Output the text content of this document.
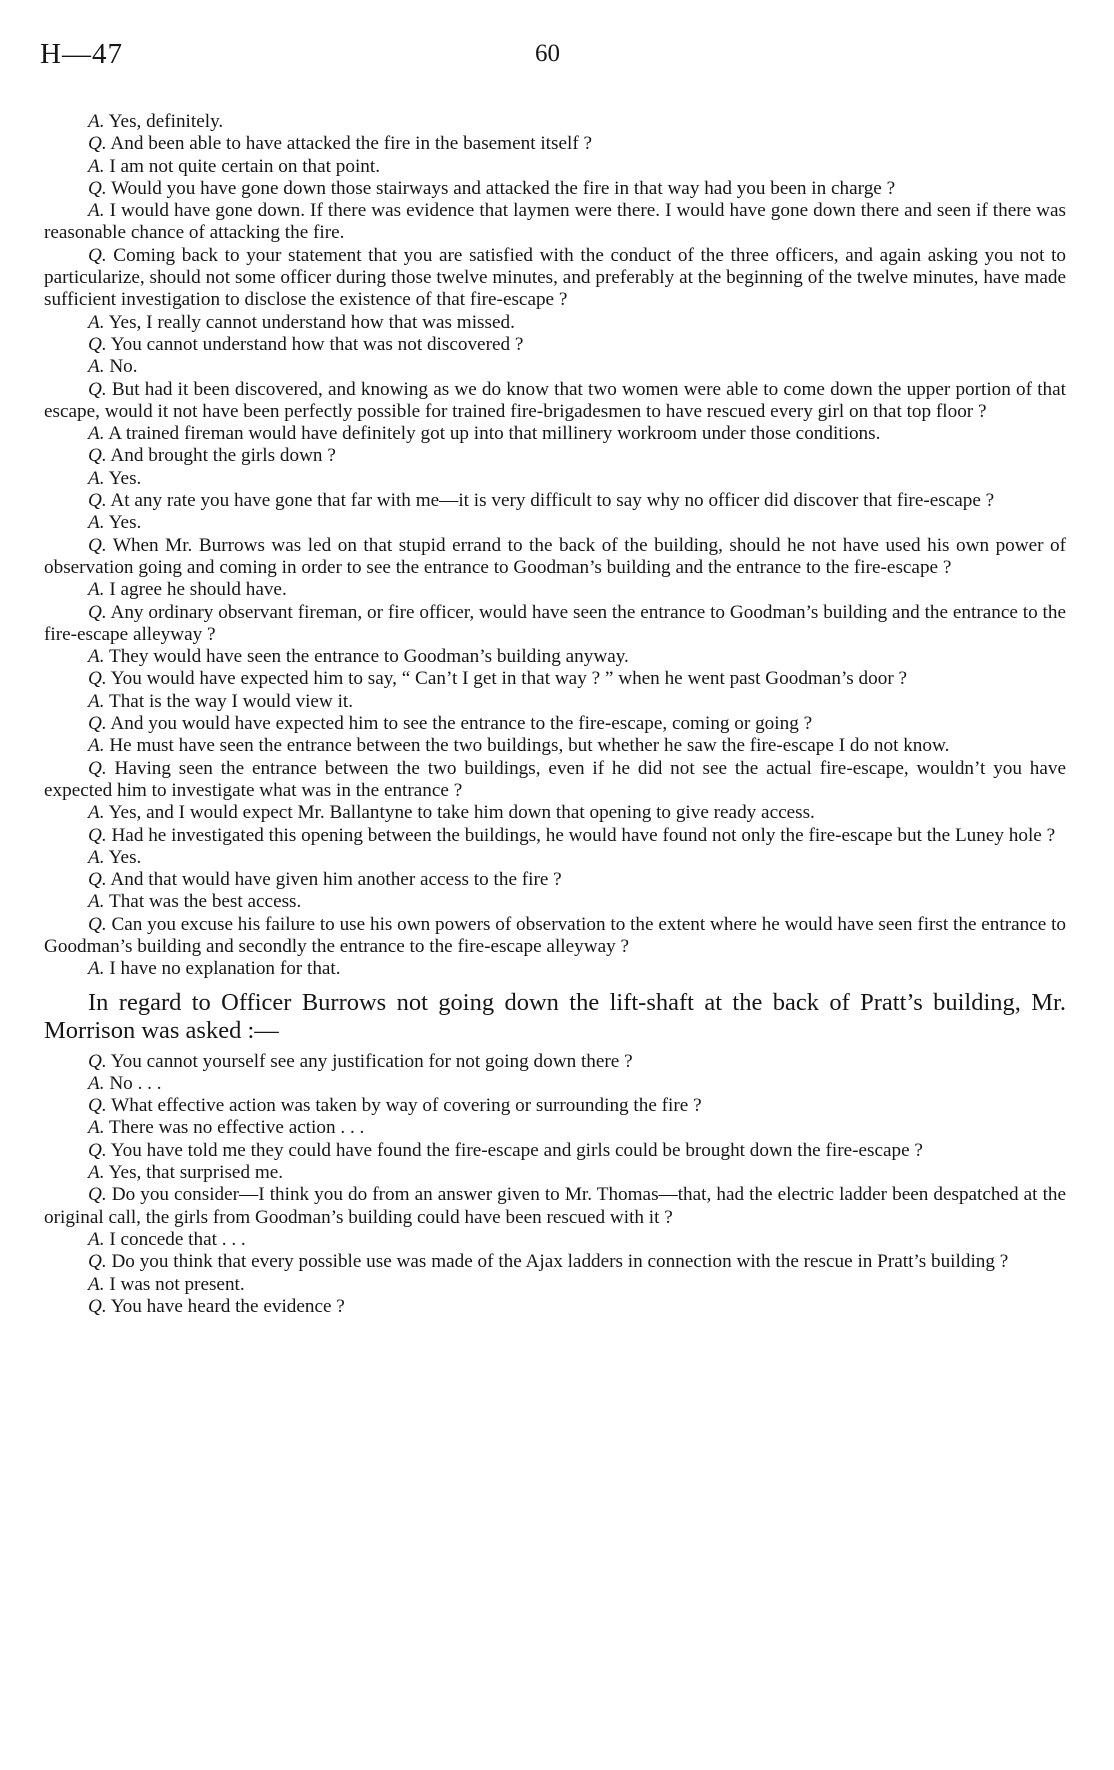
H—47	60

A. Yes, definitely.

Q. And been able to have attacked the fire in the basement itself ?

A. I am not quite certain on that point.

Q. Would you have gone down those stairways and attacked the fire in that way had you been in charge ?

A. I would have gone down. If there was evidence that laymen were there. I would have gone down there and seen if there was reasonable chance of attacking the fire.

Q. Coming back to your statement that you are satisfied with the conduct of the three officers, and again asking you not to particularize, should not some officer during those twelve minutes, and preferably at the beginning of the twelve minutes, have made sufficient investigation to disclose the existence of that fire-escape ?

A. Yes, I really cannot understand how that was missed.

Q. You cannot understand how that was not discovered ?

A. No.

Q. But had it been discovered, and knowing as we do know that two women were able to come down the upper portion of that escape, would it not have been perfectly possible for trained fire-brigadesmen to have rescued every girl on that top floor ?

A. A trained fireman would have definitely got up into that millinery workroom under those conditions.

Q. And brought the girls down ?

A. Yes.

Q. At any rate you have gone that far with me—it is very difficult to say why no officer did discover that fire-escape ?

A. Yes.

Q. When Mr. Burrows was led on that stupid errand to the back of the building, should he not have used his own power of observation going and coming in order to see the entrance to Goodman’s building and the entrance to the fire-escape ?

A. I agree he should have.

Q. Any ordinary observant fireman, or fire officer, would have seen the entrance to Goodman’s building and the entrance to the fire-escape alleyway ?

A. They would have seen the entrance to Goodman’s building anyway.

Q. You would have expected him to say, “ Can’t I get in that way ? ” when he went past Goodman’s door ?

A. That is the way I would view it.

Q. And you would have expected him to see the entrance to the fire-escape, coming or going ?

A. He must have seen the entrance between the two buildings, but whether he saw the fire-escape I do not know.

Q. Having seen the entrance between the two buildings, even if he did not see the actual fire-escape, wouldn’t you have expected him to investigate what was in the entrance ?

A. Yes, and I would expect Mr. Ballantyne to take him down that opening to give ready access.

Q. Had he investigated this opening between the buildings, he would have found not only the fire-escape but the Luney hole ?

A. Yes.

Q. And that would have given him another access to the fire ?

A. That was the best access.

Q. Can you excuse his failure to use his own powers of observation to the extent where he would have seen first the entrance to Goodman’s building and secondly the entrance to the fire-escape alleyway ?

A. I have no explanation for that.

In regard to Officer Burrows not going down the lift-shaft at the back of Pratt’s building, Mr. Morrison was asked :—

Q. You cannot yourself see any justification for not going down there ?

A. No . . .

Q. What effective action was taken by way of covering or surrounding the fire ?

A. There was no effective action . . .

Q. You have told me they could have found the fire-escape and girls could be brought down the fire-escape ?

A. Yes, that surprised me.

Q. Do you consider—I think you do from an answer given to Mr. Thomas—that, had the electric ladder been despatched at the original call, the girls from Goodman’s building could have been rescued with it ?

A. I concede that . . .

Q. Do you think that every possible use was made of the Ajax ladders in connection with the rescue in Pratt’s building ?

A. I was not present.

Q. You have heard the evidence ?
